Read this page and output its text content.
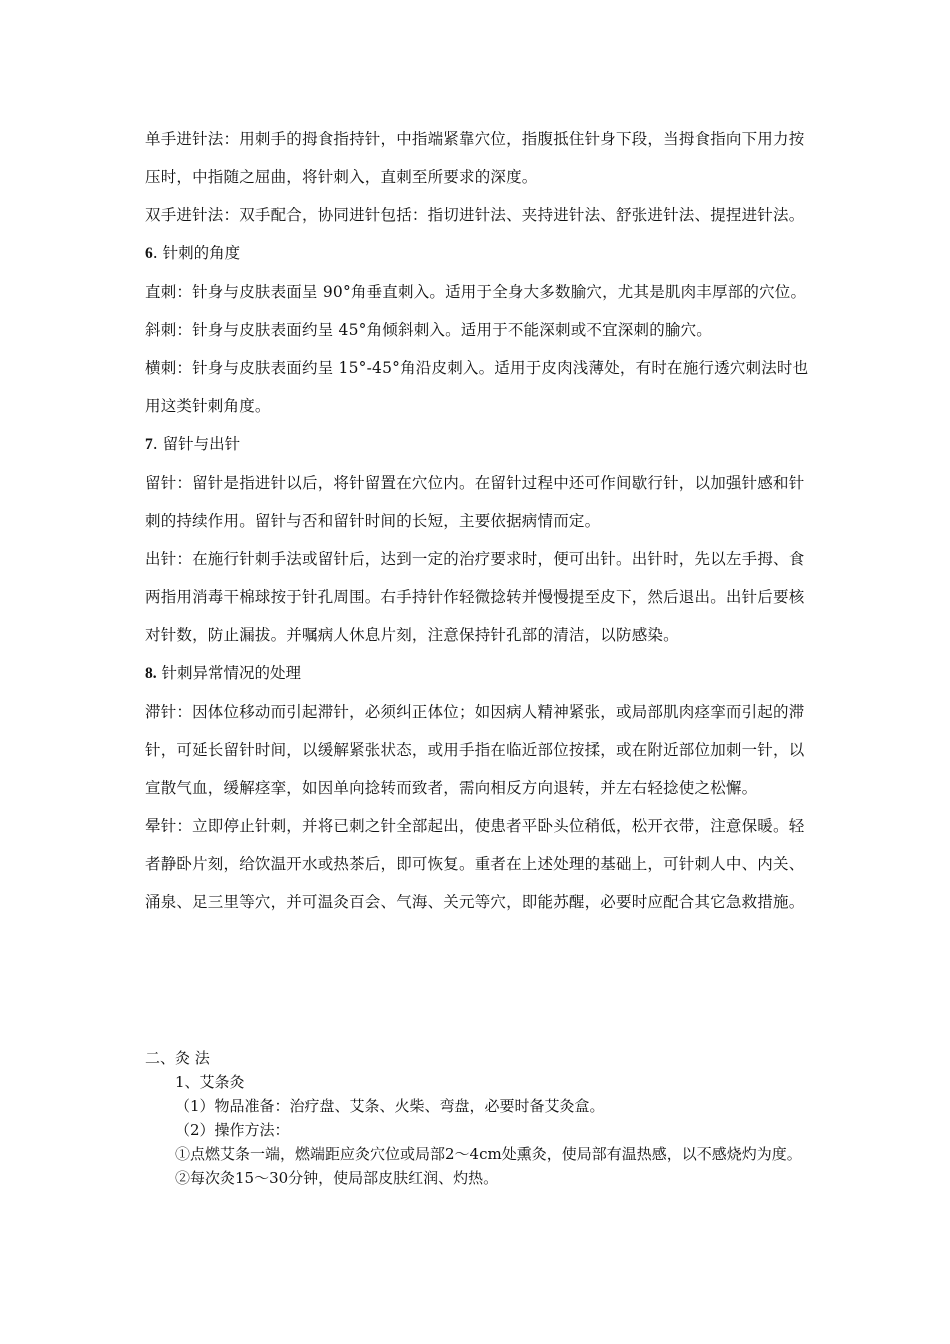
单手进针法：用刺手的拇食指持针，中指端紧靠穴位，指腹抵住针身下段，当拇食指向下用力按压时，中指随之屈曲，将针刺入，直刺至所要求的深度。

双手进针法：双手配合，协同进针包括：指切进针法、夹持进针法、舒张进针法、提捏进针法。

6. 针刺的角度

直刺：针身与皮肤表面呈 90°角垂直刺入。适用于全身大多数腧穴，尤其是肌肉丰厚部的穴位。

斜刺：针身与皮肤表面约呈 45°角倾斜刺入。适用于不能深刺或不宜深刺的腧穴。

横刺：针身与皮肤表面约呈 15°-45°角沿皮刺入。适用于皮肉浅薄处，有时在施行透穴刺法时也用这类针刺角度。

7. 留针与出针

留针：留针是指进针以后，将针留置在穴位内。在留针过程中还可作间歇行针，以加强针感和针刺的持续作用。留针与否和留针时间的长短，主要依据病情而定。

出针：在施行针刺手法或留针后，达到一定的治疗要求时，便可出针。出针时，先以左手拇、食两指用消毒干棉球按于针孔周围。右手持针作轻微捻转并慢慢提至皮下，然后退出。出针后要核对针数，防止漏拔。并嘱病人休息片刻，注意保持针孔部的清洁，以防感染。

8. 针刺异常情况的处理

滞针：因体位移动而引起滞针，必须纠正体位；如因病人精神紧张，或局部肌肉痉挛而引起的滞针，可延长留针时间，以缓解紧张状态，或用手指在临近部位按揉，或在附近部位加刺一针，以宣散气血，缓解痉挛，如因单向捻转而致者，需向相反方向退转，并左右轻捻使之松懈。

晕针：立即停止针刺，并将已刺之针全部起出，使患者平卧头位稍低，松开衣带，注意保暖。轻者静卧片刻，给饮温开水或热茶后，即可恢复。重者在上述处理的基础上，可针刺人中、内关、涌泉、足三里等穴，并可温灸百会、气海、关元等穴，即能苏醒，必要时应配合其它急救措施。

二、灸 法

1、艾条灸

（1）物品准备：治疗盘、艾条、火柴、弯盘，必要时备艾灸盒。

（2）操作方法：

①点燃艾条一端，燃端距应灸穴位或局部2～4cm处熏灸，使局部有温热感，以不感烧灼为度。

②每次灸15～30分钟，使局部皮肤红润、灼热。
